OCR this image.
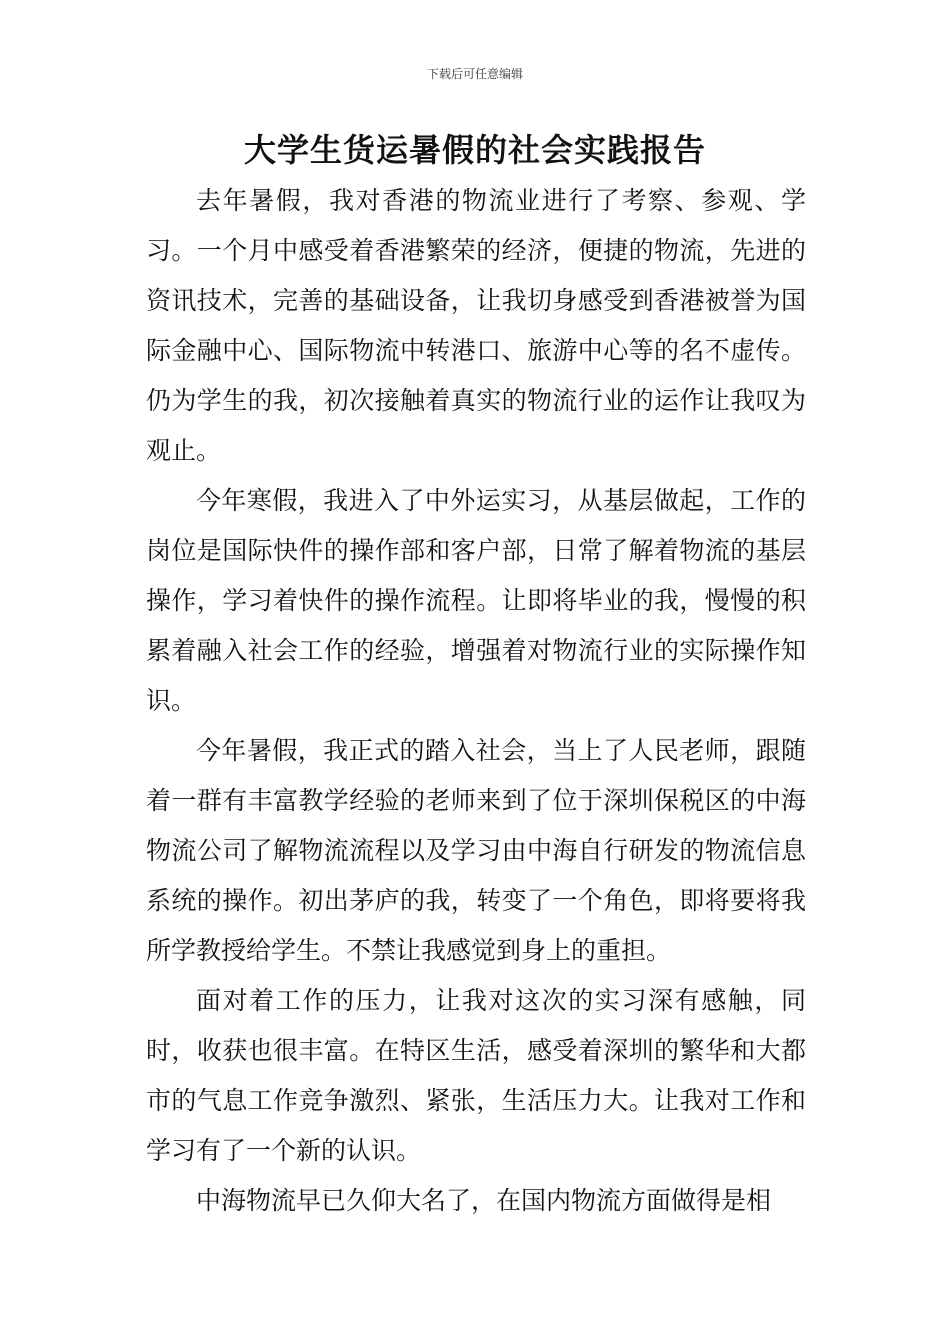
下载后可任意编辑
大学生货运暑假的社会实践报告

去年暑假，我对香港的物流业进行了考察、参观、学习。一个月中感受着香港繁荣的经济，便捷的物流，先进的资讯技术，完善的基础设备，让我切身感受到香港被誉为国际金融中心、国际物流中转港口、旅游中心等的名不虚传。仍为学生的我，初次接触着真实的物流行业的运作让我叹为观止。

今年寒假，我进入了中外运实习，从基层做起，工作的岗位是国际快件的操作部和客户部，日常了解着物流的基层操作，学习着快件的操作流程。让即将毕业的我，慢慢的积累着融入社会工作的经验，增强着对物流行业的实际操作知识。

今年暑假，我正式的踏入社会，当上了人民老师，跟随着一群有丰富教学经验的老师来到了位于深圳保税区的中海物流公司了解物流流程以及学习由中海自行研发的物流信息系统的操作。初出茅庐的我，转变了一个角色，即将要将我所学教授给学生。不禁让我感觉到身上的重担。

面对着工作的压力，让我对这次的实习深有感触，同时，收获也很丰富。在特区生活，感受着深圳的繁华和大都市的气息工作竞争激烈、紧张，生活压力大。让我对工作和学习有了一个新的认识。

中海物流早已久仰大名了，在国内物流方面做得是相
